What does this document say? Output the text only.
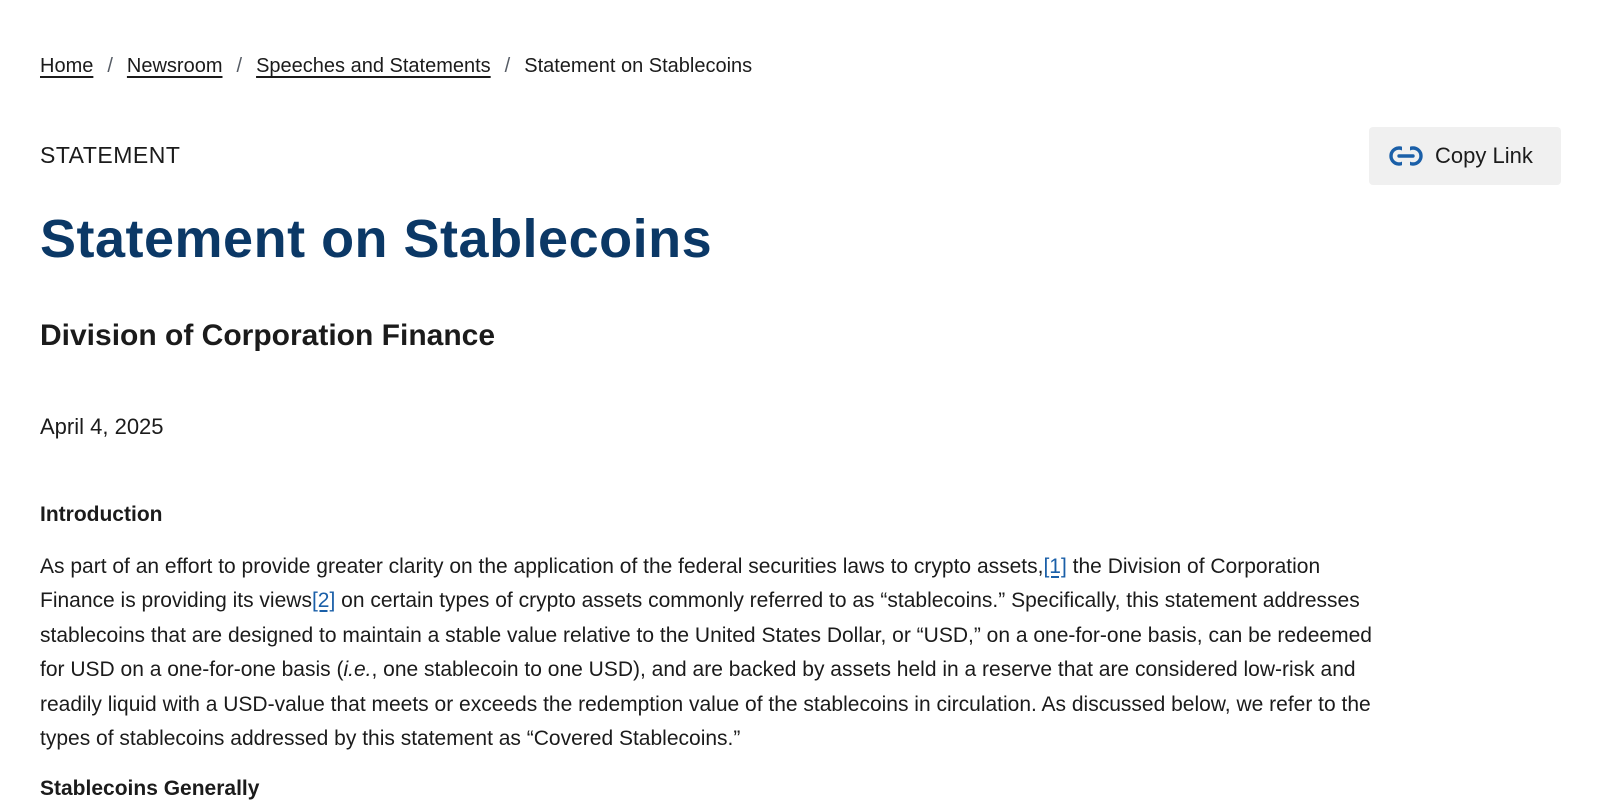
Home / Newsroom / Speeches and Statements / Statement on Stablecoins
STATEMENT	Copy Link
Statement on Stablecoins
Division of Corporation Finance
April 4, 2025
Introduction

As part of an effort to provide greater clarity on the application of the federal securities laws to crypto assets,[1] the Division of Corporation
Finance is providing its views[2] on certain types of crypto assets commonly referred to as “stablecoins.” Specifically, this statement addresses
stablecoins that are designed to maintain a stable value relative to the United States Dollar, or “USD,” on a one-for-one basis, can be redeemed
for USD on a one-for-one basis (i.e., one stablecoin to one USD), and are backed by assets held in a reserve that are considered low-risk and
readily liquid with a USD-value that meets or exceeds the redemption value of the stablecoins in circulation. As discussed below, we refer to the
types of stablecoins addressed by this statement as “Covered Stablecoins.”

Stablecoins Generally
